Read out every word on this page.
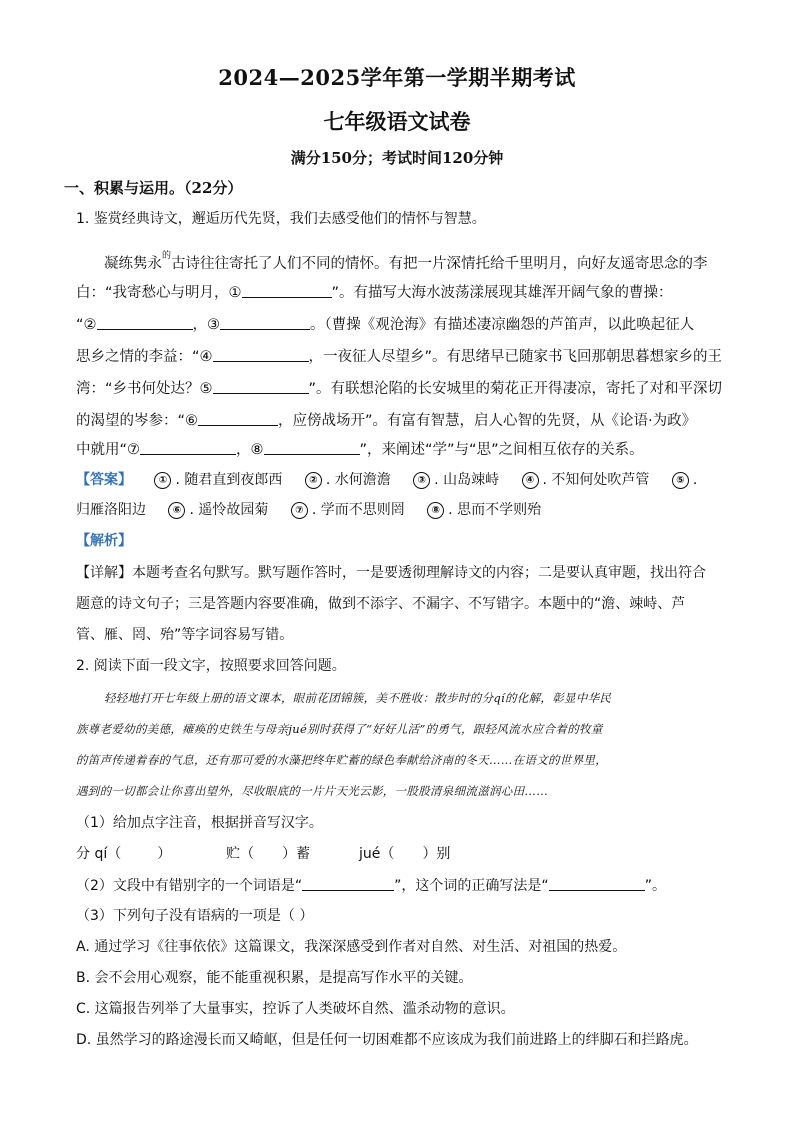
2024—2025学年第一学期半期考试
七年级语文试卷
满分150分；考试时间120分钟
一、积累与运用。（22分）
1. 鉴赏经典诗文，邂逅历代先贤，我们去感受他们的情怀与智慧。
凝练隽永$^的$古诗往往寄托了人们不同的情怀。有把一片深情托给千里明月，向好友遥寄思念的李
白：“我寄愁心与明月，①	”。有描写大海水波荡漾展现其雄浑开阔气象的曹操：
“②	，③	。（曹操《观沧海》有描述凄凉幽怨的芦笛声，以此唤起征人
思乡之情的李益：“④	，一夜征人尽望乡”。有思绪早已随家书飞回那朝思暮想家乡的王
湾：“乡书何处达？⑤	”。有联想沦陷的长安城里的菊花正开得凄凉，寄托了对和平深切
的渴望的岑参：“⑥	，应傍战场开”。有富有智慧，启人心智的先贤，从《论语·为政》
中就用“⑦	，⑧	”，来阐述“学”与“思”之间相互依存的关系。
【答案】	① . 随君直到夜郎西	② . 水何澹澹	③ . 山岛竦峙	④ . 不知何处吹芦管	⑤ .
归雁洛阳边	⑥ . 遥怜故园菊	⑦ . 学而不思则罔	⑧ . 思而不学则殆
【解析】
【详解】本题考查名句默写。默写题作答时，一是要透彻理解诗文的内容；二是要认真审题，找出符合
题意的诗文句子；三是答题内容要准确，做到不添字、不漏字、不写错字。本题中的“澹、竦峙、芦
管、雁、罔、殆”等字词容易写错。
2. 阅读下面一段文字，按照要求回答问题。
轻轻地打开七年级上册的语文课本，眼前花团锦簇，美不胜收：散步时的分qí的化解，彰显中华民
族尊老爱幼的美德，瘫痪的史铁生与母亲jué别时获得了“好好儿活”的勇气，跟轻风流水应合着的牧童
的笛声传递着春的气息，还有那可爱的水藻把终年贮蓄的绿色奉献给济南的冬天……在语文的世界里，
遇到的一切都会让你喜出望外，尽收眼底的一片片天光云影，一股股清泉细流滋润心田……
（1）给加点字注音，根据拼音写汉字。
分 qí（	）	贮（ ）蓄	jué（ ）别
（2）文段中有错别字的一个词语是“	”，这个词的正确写法是“	”。
（3）下列句子没有语病的一项是（ ）
A. 通过学习《往事依依》这篇课文，我深深感受到作者对自然、对生活、对祖国的热爱。
B. 会不会用心观察，能不能重视积累，是提高写作水平的关键。
C. 这篇报告列举了大量事实，控诉了人类破坏自然、滥杀动物的意识。
D. 虽然学习的路途漫长而又崎岖，但是任何一切困难都不应该成为我们前进路上的绊脚石和拦路虎。
